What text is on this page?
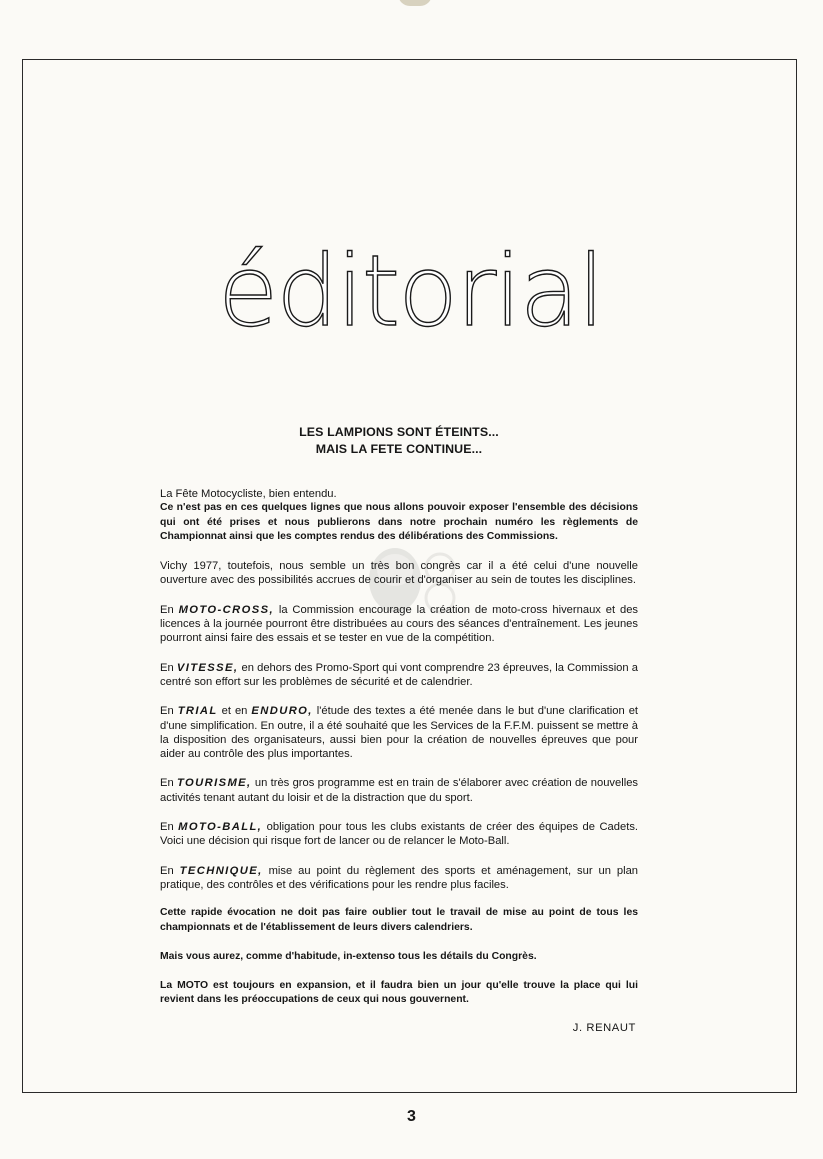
éditorial
LES LAMPIONS SONT ÉTEINTS...
MAIS LA FETE CONTINUE...

La Fête Motocycliste, bien entendu.

Ce n'est pas en ces quelques lignes que nous allons pouvoir exposer l'ensemble des décisions qui ont été prises et nous publierons dans notre prochain numéro les règlements de Championnat ainsi que les comptes rendus des délibérations des Commissions.

Vichy 1977, toutefois, nous semble un très bon congrès car il a été celui d'une nouvelle ouverture avec des possibilités accrues de courir et d'organiser au sein de toutes les disciplines.

En MOTO-CROSS, la Commission encourage la création de moto-cross hivernaux et des licences à la journée pourront être distribuées au cours des séances d'entraînement. Les jeunes pourront ainsi faire des essais et se tester en vue de la compétition.

En VITESSE, en dehors des Promo-Sport qui vont comprendre 23 épreuves, la Commission a centré son effort sur les problèmes de sécurité et de calendrier.

En TRIAL et en ENDURO, l'étude des textes a été menée dans le but d'une clarification et d'une simplification. En outre, il a été souhaité que les Services de la F.F.M. puissent se mettre à la disposition des organisateurs, aussi bien pour la création de nouvelles épreuves que pour aider au contrôle des plus importantes.

En TOURISME, un très gros programme est en train de s'élaborer avec création de nouvelles activités tenant autant du loisir et de la distraction que du sport.

En MOTO-BALL, obligation pour tous les clubs existants de créer des équipes de Cadets. Voici une décision qui risque fort de lancer ou de relancer le Moto-Ball.

En TECHNIQUE, mise au point du règlement des sports et aménagement, sur un plan pratique, des contrôles et des vérifications pour les rendre plus faciles.

Cette rapide évocation ne doit pas faire oublier tout le travail de mise au point de tous les championnats et de l'établissement de leurs divers calendriers.

Mais vous aurez, comme d'habitude, in-extenso tous les détails du Congrès.

La MOTO est toujours en expansion, et il faudra bien un jour qu'elle trouve la place qui lui revient dans les préoccupations de ceux qui nous gouvernent.

J. RENAUT
3
